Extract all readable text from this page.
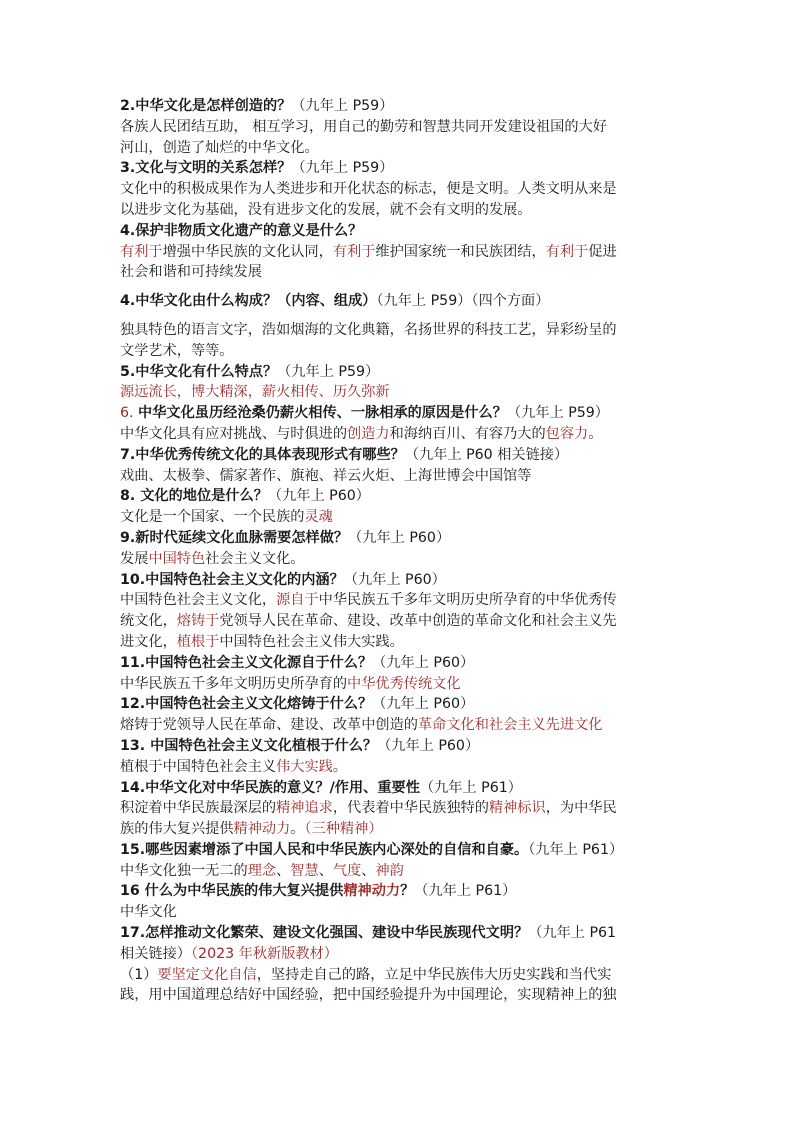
2.中华文化是怎样创造的？（九年上 P59）
各族人民团结互助， 相互学习，用自己的勤劳和智慧共同开发建设祖国的大好
河山，创造了灿烂的中华文化。
3.文化与文明的关系怎样？（九年上 P59）
文化中的积极成果作为人类进步和开化状态的标志，便是文明。人类文明从来是
以进步文化为基础，没有进步文化的发展，就不会有文明的发展。
4.保护非物质文化遗产的意义是什么？
有利于增强中华民族的文化认同，有利于维护国家统一和民族团结，有利于促进
社会和谐和可持续发展
4.中华文化由什么构成？（内容、组成）（九年上 P59）（四个方面）
独具特色的语言文字，浩如烟海的文化典籍，名扬世界的科技工艺，异彩纷呈的
文学艺术，等等。
5.中华文化有什么特点？（九年上 P59）
源远流长，博大精深，薪火相传、历久弥新
6. 中华文化虽历经沧桑仍薪火相传、一脉相承的原因是什么？（九年上 P59）
中华文化具有应对挑战、与时俱进的创造力和海纳百川、有容乃大的包容力。
7.中华优秀传统文化的具体表现形式有哪些？（九年上 P60 相关链接）
戏曲、太极拳、儒家著作、旗袍、祥云火炬、上海世博会中国馆等
8. 文化的地位是什么？（九年上 P60）
文化是一个国家、一个民族的灵魂
9.新时代延续文化血脉需要怎样做？（九年上 P60）
发展中国特色社会主义文化。
10.中国特色社会主义文化的内涵？（九年上 P60）
中国特色社会主义文化，源自于中华民族五千多年文明历史所孕育的中华优秀传
统文化，熔铸于党领导人民在革命、建设、改革中创造的革命文化和社会主义先
进文化，植根于中国特色社会主义伟大实践。
11.中国特色社会主义文化源自于什么？（九年上 P60）
中华民族五千多年文明历史所孕育的中华优秀传统文化
12.中国特色社会主义文化熔铸于什么？（九年上 P60）
熔铸于党领导人民在革命、建设、改革中创造的革命文化和社会主义先进文化
13. 中国特色社会主义文化植根于什么？（九年上 P60）
植根于中国特色社会主义伟大实践。
14.中华文化对中华民族的意义？/作用、重要性（九年上 P61）
积淀着中华民族最深层的精神追求，代表着中华民族独特的精神标识，为中华民
族的伟大复兴提供精神动力。（三种精神）
15.哪些因素增添了中国人民和中华民族内心深处的自信和自豪。（九年上 P61）
中华文化独一无二的理念、智慧、气度、神韵
16 什么为中华民族的伟大复兴提供精神动力？（九年上 P61）
中华文化
17.怎样推动文化繁荣、建设文化强国、建设中华民族现代文明？（九年上 P61
相关链接）（2023 年秋新版教材）
（1）要坚定文化自信，坚持走自己的路，立足中华民族伟大历史实践和当代实
践，用中国道理总结好中国经验，把中国经验提升为中国理论，实现精神上的独
